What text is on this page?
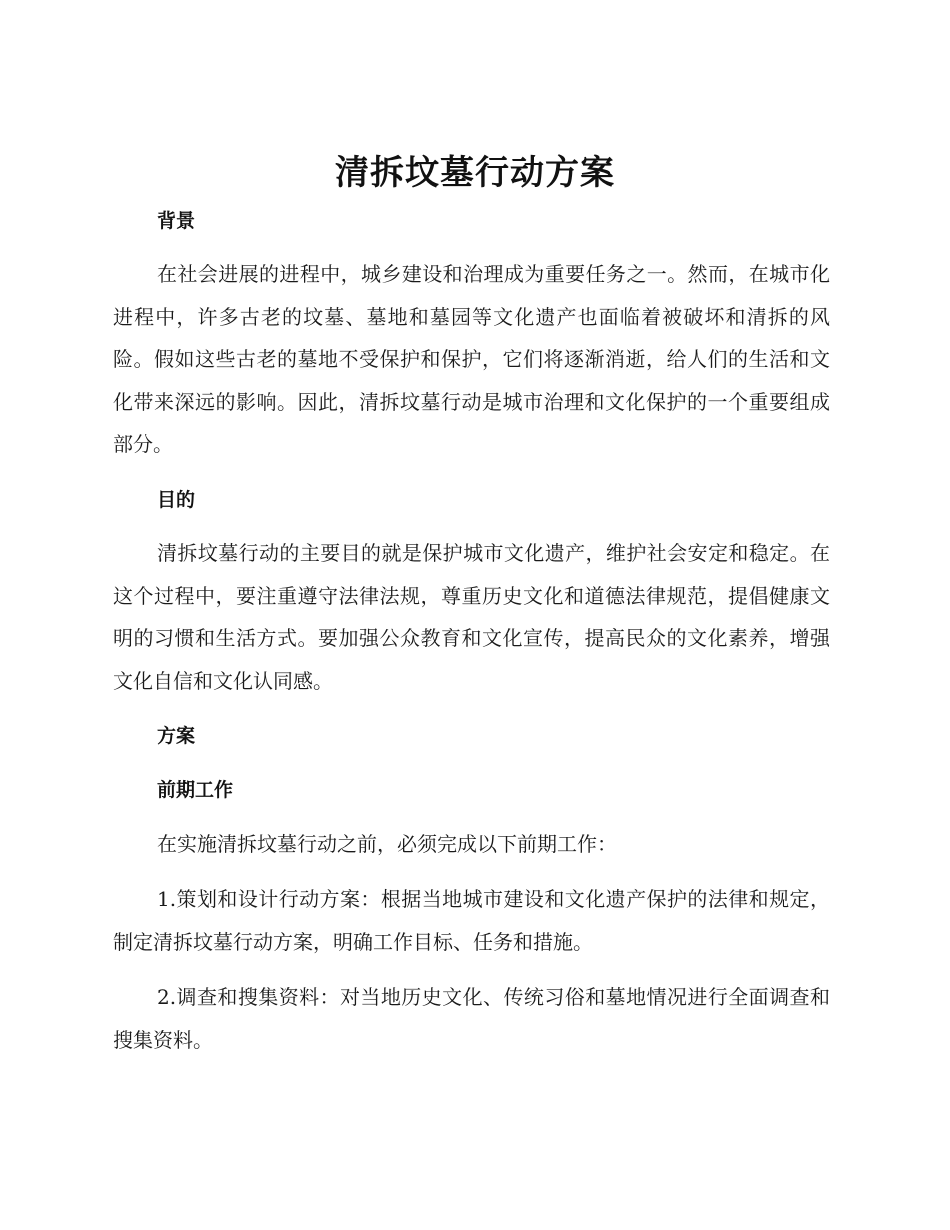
清拆坟墓行动方案
背景

在社会进展的进程中，城乡建设和治理成为重要任务之一。然而，在城市化进程中，许多古老的坟墓、墓地和墓园等文化遗产也面临着被破坏和清拆的风险。假如这些古老的墓地不受保护和保护，它们将逐渐消逝，给人们的生活和文化带来深远的影响。因此，清拆坟墓行动是城市治理和文化保护的一个重要组成部分。

目的

清拆坟墓行动的主要目的就是保护城市文化遗产，维护社会安定和稳定。在这个过程中，要注重遵守法律法规，尊重历史文化和道德法律规范，提倡健康文明的习惯和生活方式。要加强公众教育和文化宣传，提高民众的文化素养，增强文化自信和文化认同感。

方案
前期工作

在实施清拆坟墓行动之前，必须完成以下前期工作：

1.策划和设计行动方案：根据当地城市建设和文化遗产保护的法律和规定，制定清拆坟墓行动方案，明确工作目标、任务和措施。

2.调查和搜集资料：对当地历史文化、传统习俗和墓地情况进行全面调查和搜集资料。
